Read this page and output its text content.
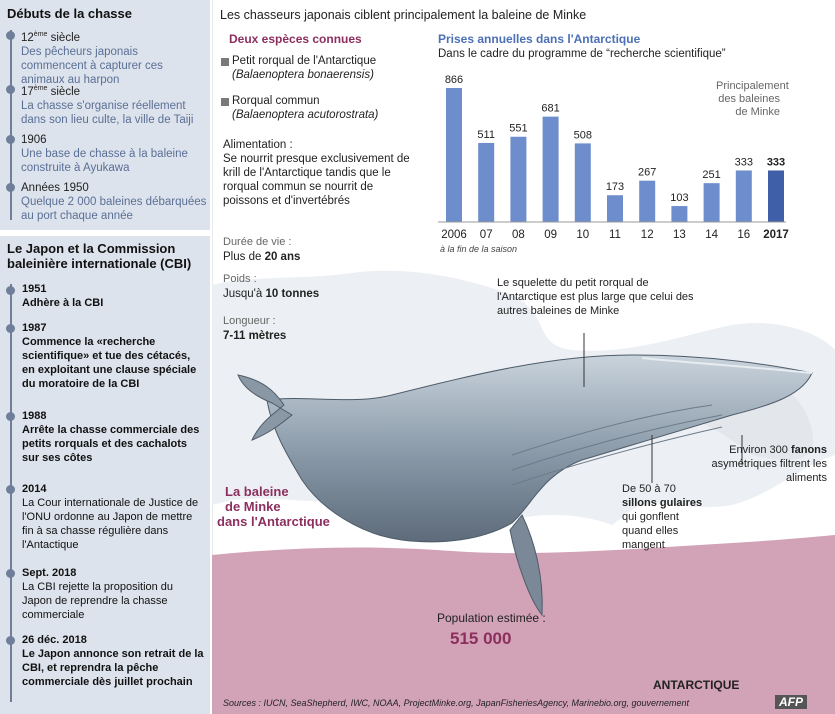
Débuts de la chasse
12ème siècle
Des pêcheurs japonais commencent à capturer ces animaux au harpon
17ème siècle
La chasse s'organise réellement dans son lieu culte, la ville de Taiji
1906
Une base de chasse à la baleine construite à Ayukawa
Années 1950
Quelque 2 000 baleines débarquées au port chaque année
Le Japon et la Commission baleinière internationale (CBI)
1951
Adhère à la CBI
1987
Commence la «recherche scientifique» et tue des cétacés, en exploitant une clause spéciale du moratoire de la CBI
1988
Arrête la chasse commerciale des petits rorquals et des cachalots sur ses côtes
2014
La Cour internationale de Justice de l'ONU ordonne au Japon de mettre fin à sa chasse régulière dans l'Antactique
Sept. 2018
La CBI rejette la proposition du Japon de reprendre la chasse commerciale
26 déc. 2018
Le Japon annonce son retrait de la CBI, et reprendra la pêche commerciale dès juillet prochain
Les chasseurs japonais ciblent principalement la baleine de Minke
Deux espèces connues
Petit rorqual de l'Antarctique
(Balaenoptera bonaerensis)
Rorqual commun
(Balaenoptera acutorostrata)
Alimentation :
Se nourrit presque exclusivement de krill de l'Antarctique tandis que le rorqual commun se nourrit de poissons et d'invertébrés
Durée de vie :
Plus de 20 ans
Poids :
Jusqu'à 10 tonnes
Longueur :
7-11 mètres
Prises annuelles dans l'Antarctique
Dans le cadre du programme de “recherche scientifique”
Principalement des baleines de Minke
866
2006
511
07
551
08
681
09
508
10
173
11
267
12
103
13
251
14
333
16
333
2017
à la fin de la saison
Le squelette du petit rorqual de l'Antarctique est plus large que celui des autres baleines de Minke
Environ 300 fanons asymétriques filtrent les aliments
De 50 à 70
sillons gulaires
qui gonflent quand elles mangent
La baleine
de Minke
dans l'Antarctique
Population estimée :
515 000
ANTARCTIQUE
Sources : IUCN, SeaShepherd, IWC, NOAA, ProjectMinke.org, JapanFisheriesAgency, Marinebio.org, gouvernement	AFP
